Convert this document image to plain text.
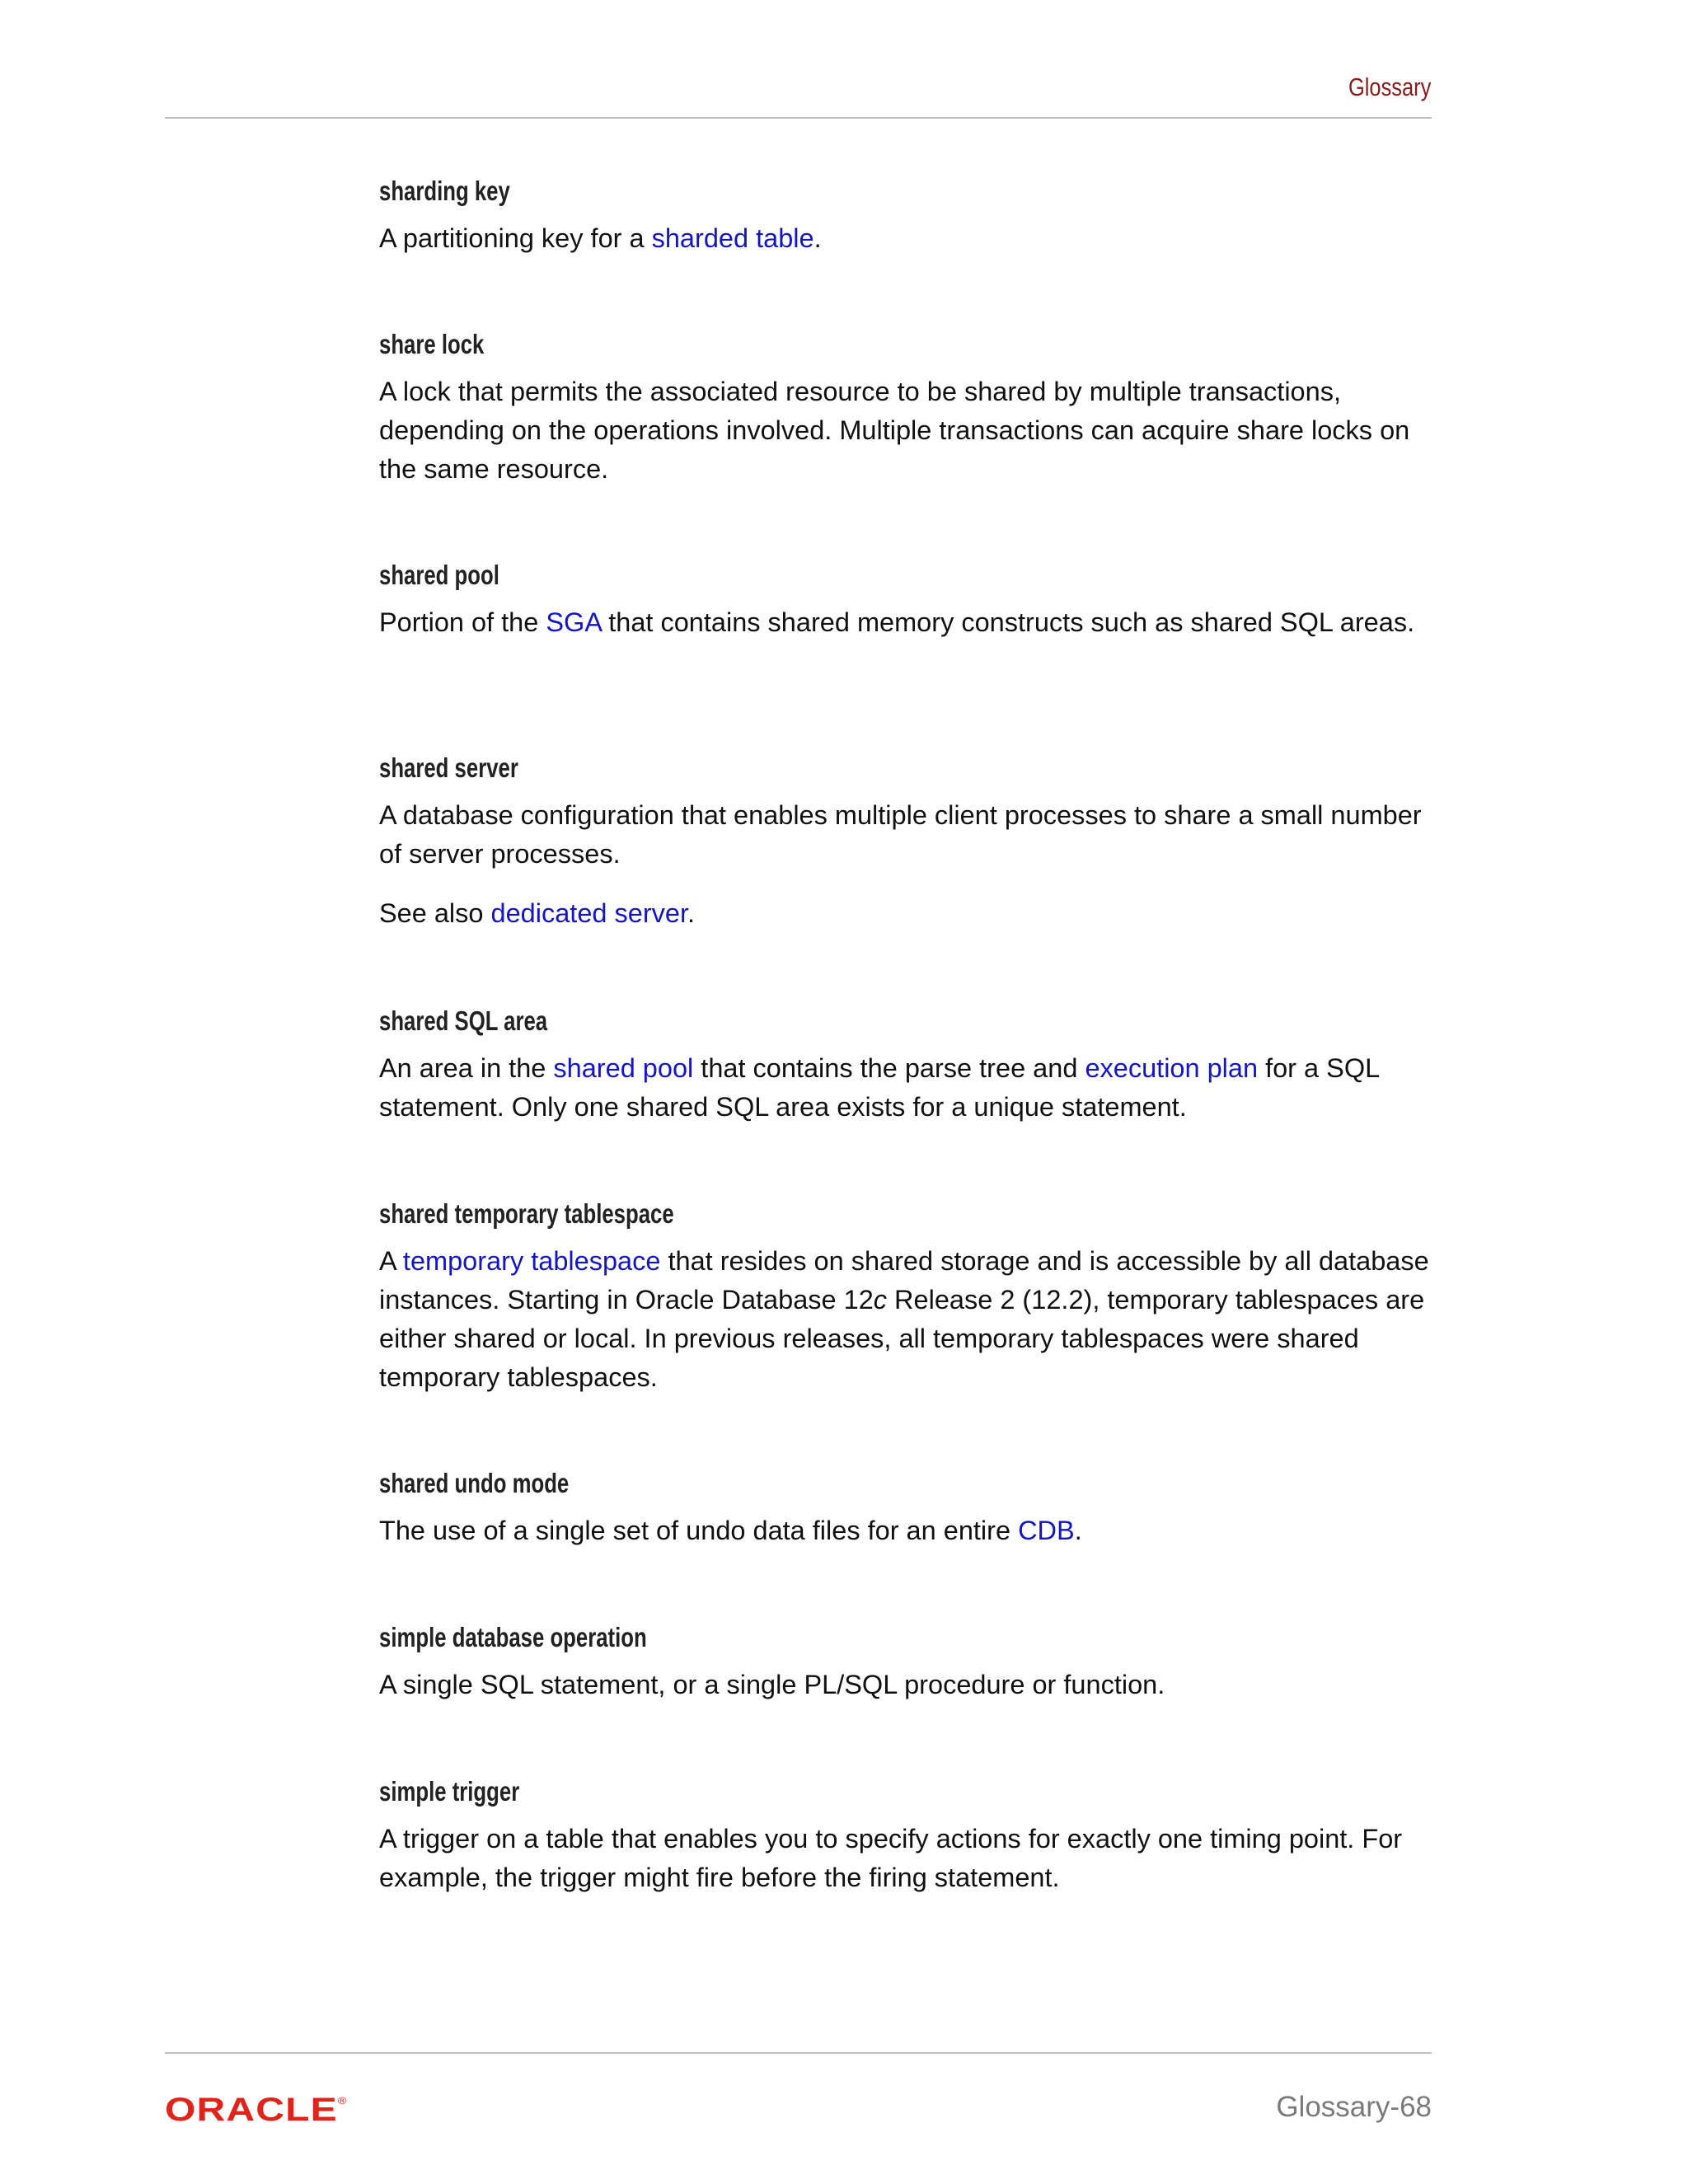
Glossary
sharding key

A partitioning key for a sharded table.

share lock

A lock that permits the associated resource to be shared by multiple transactions, depending on the operations involved. Multiple transactions can acquire share locks on the same resource.

shared pool

Portion of the SGA that contains shared memory constructs such as shared SQL areas.

shared server

A database configuration that enables multiple client processes to share a small number of server processes.

See also dedicated server.

shared SQL area

An area in the shared pool that contains the parse tree and execution plan for a SQL statement. Only one shared SQL area exists for a unique statement.

shared temporary tablespace

A temporary tablespace that resides on shared storage and is accessible by all database instances. Starting in Oracle Database 12c Release 2 (12.2), temporary tablespaces are either shared or local. In previous releases, all temporary tablespaces were shared temporary tablespaces.

shared undo mode

The use of a single set of undo data files for an entire CDB.

simple database operation

A single SQL statement, or a single PL/SQL procedure or function.

simple trigger

A trigger on a table that enables you to specify actions for exactly one timing point. For example, the trigger might fire before the firing statement.

ORACLE®	Glossary-68
